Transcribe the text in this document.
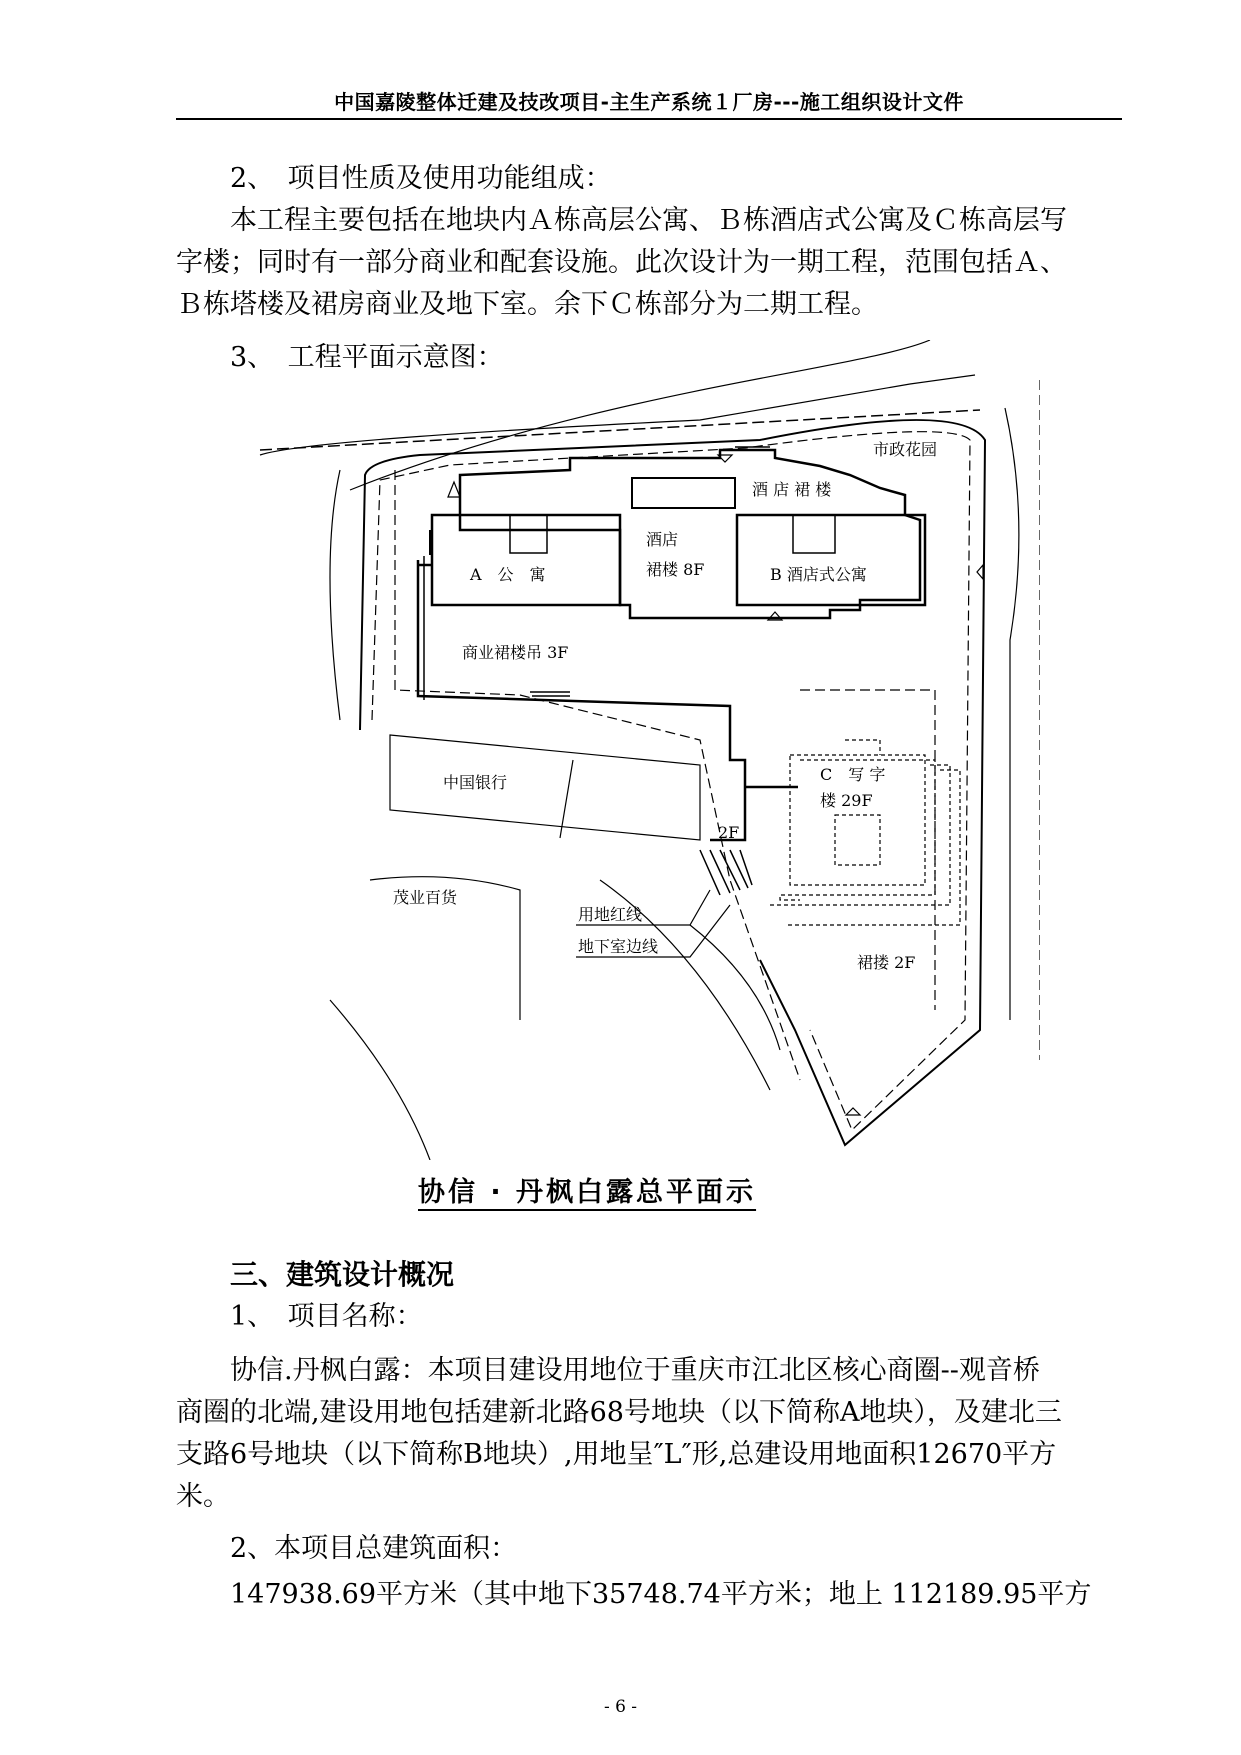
中国嘉陵整体迁建及技改项目-主生产系统１厂房---施工组织设计文件
2、　项目性质及使用功能组成：
本工程主要包括在地块内Ａ栋高层公寓、Ｂ栋酒店式公寓及Ｃ栋高层写
字楼；同时有一部分商业和配套设施。此次设计为一期工程，范围包括Ａ、
Ｂ栋塔楼及裙房商业及地下室。余下Ｃ栋部分为二期工程。
3、　工程平面示意图：
市政花园
酒 店 裙 楼
酒店
裙楼 8F
A　公　寓	B 酒店式公寓
商业裙楼吊 3F
中国银行	C　写 字
楼 29F
2F
茂业百货
用地红线
地下室边线
裙搂 2F
协信 · 丹枫白露总平面示
三、建筑设计概况
1、　项目名称：
协信.丹枫白露：本项目建设用地位于重庆市江北区核心商圈--观音桥
商圈的北端,建设用地包括建新北路68号地块（以下简称A地块），及建北三
支路6号地块（以下简称B地块）,用地呈″L″形,总建设用地面积12670平方
米。
2、本项目总建筑面积：
147938.69平方米（其中地下35748.74平方米；地上 112189.95平方
- 6 -
